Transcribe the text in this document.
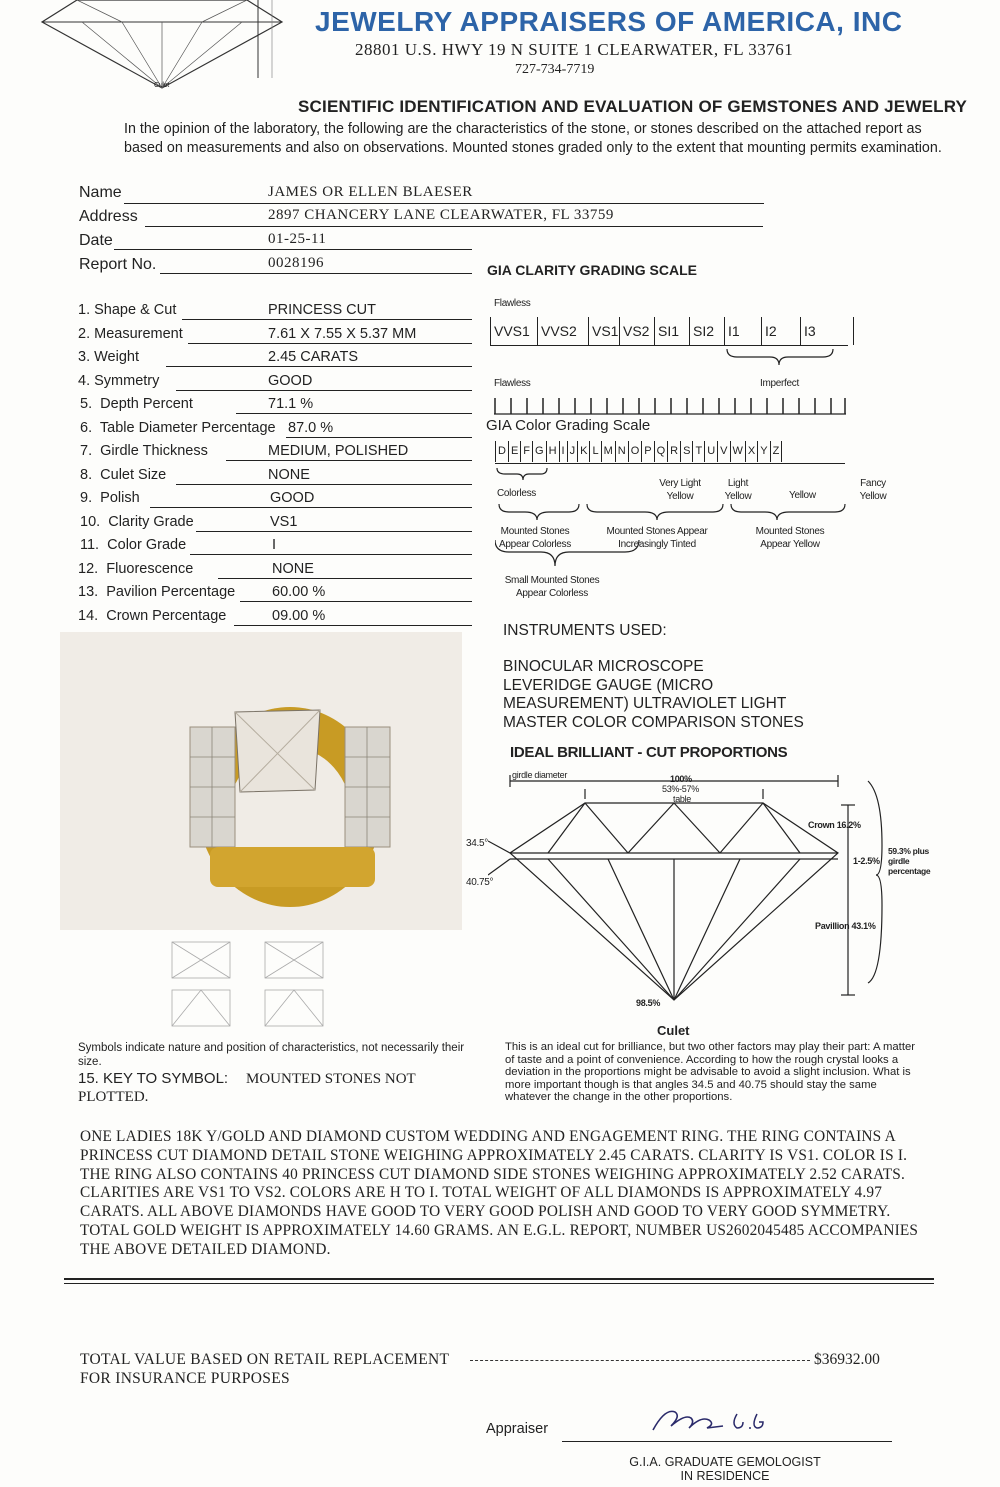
Culet
JEWELRY APPRAISERS OF AMERICA, INC
28801 U.S. HWY 19 N SUITE 1 CLEARWATER, FL 33761
727-734-7719
SCIENTIFIC IDENTIFICATION AND EVALUATION OF GEMSTONES AND JEWELRY
In the opinion of the laboratory, the following are the characteristics of the stone, or stones described on the attached report as based on measurements and also on observations. Mounted stones graded only to the extent that mounting permits examination.
Name	JAMES OR ELLEN BLAESER
Address	2897 CHANCERY LANE CLEARWATER, FL 33759
Date	01-25-11
Report No.	0028196
1. Shape & Cut	PRINCESS CUT
2. Measurement	7.61 X 7.55 X 5.37 MM
3. Weight	2.45 CARATS
4. Symmetry	GOOD
5. Depth Percent	71.1 %
6. Table Diameter Percentage 87.0 %
7. Girdle Thickness	MEDIUM, POLISHED
8. Culet Size	NONE
9. Polish	GOOD
10. Clarity Grade	VS1
11. Color Grade	I
12. Fluorescence	NONE
13. Pavilion Percentage	60.00 %
14. Crown Percentage	09.00 %
GIA CLARITY GRADING SCALE
Flawless
VVS1 VVS2	VS1 VS2 SI1 SI2 I1	I2	I3
Flawless	Imperfect
GIA Color Grading Scale
D E F G H I J K L M N O P Q R S T U V W X Y Z
Colorless
Very Light Yellow
Light Yellow	Yellow
Fancy Yellow
Mounted Stones Appear Colorless
Mounted Stones Appear Increasingly Tinted
Mounted Stones Appear Yellow
Small Mounted Stones Appear Colorless
INSTRUMENTS USED:
BINOCULAR MICROSCOPE
LEVERIDGE GAUGE (MICRO
MEASUREMENT) ULTRAVIOLET LIGHT
MASTER COLOR COMPARISON STONES
Symbols indicate nature and position of characteristics, not necessarily their size.
15. KEY TO SYMBOL:	MOUNTED STONES NOT PLOTTED.
IDEAL BRILLIANT - CUT PROPORTIONS
girdle diameter	100%
53%-57%
table
Crown 16.2%
1-2.5%
59.3% plus girdle percentage
Pavillion 43.1%
34.5°
40.75°
98.5%
Culet
This is an ideal cut for brilliance, but two other factors may play their part: A matter of taste and a point of convenience. According to how the rough crystal looks a deviation in the proportions might be advisable to avoid a slight inclusion. What is more important though is that angles 34.5 and 40.75 should stay the same whatever the change in the other proportions.
ONE LADIES 18K Y/GOLD AND DIAMOND CUSTOM WEDDING AND ENGAGEMENT RING. THE RING CONTAINS A PRINCESS CUT DIAMOND DETAIL STONE WEIGHING APPROXIMATELY 2.45 CARATS. CLARITY IS VS1. COLOR IS I. THE RING ALSO CONTAINS 40 PRINCESS CUT DIAMOND SIDE STONES WEIGHING APPROXIMATELY 2.52 CARATS. CLARITIES ARE VS1 TO VS2. COLORS ARE H TO I. TOTAL WEIGHT OF ALL DIAMONDS IS APPROXIMATELY 4.97 CARATS. ALL ABOVE DIAMONDS HAVE GOOD TO VERY GOOD POLISH AND GOOD TO VERY GOOD SYMMETRY. TOTAL GOLD WEIGHT IS APPROXIMATELY 14.60 GRAMS. AN E.G.L. REPORT, NUMBER US2602045485 ACCOMPANIES THE ABOVE DETAILED DIAMOND.
TOTAL VALUE BASED ON RETAIL REPLACEMENT
FOR INSURANCE PURPOSES
$36932.00
Appraiser
G.I.A. GRADUATE GEMOLOGIST
IN RESIDENCE
